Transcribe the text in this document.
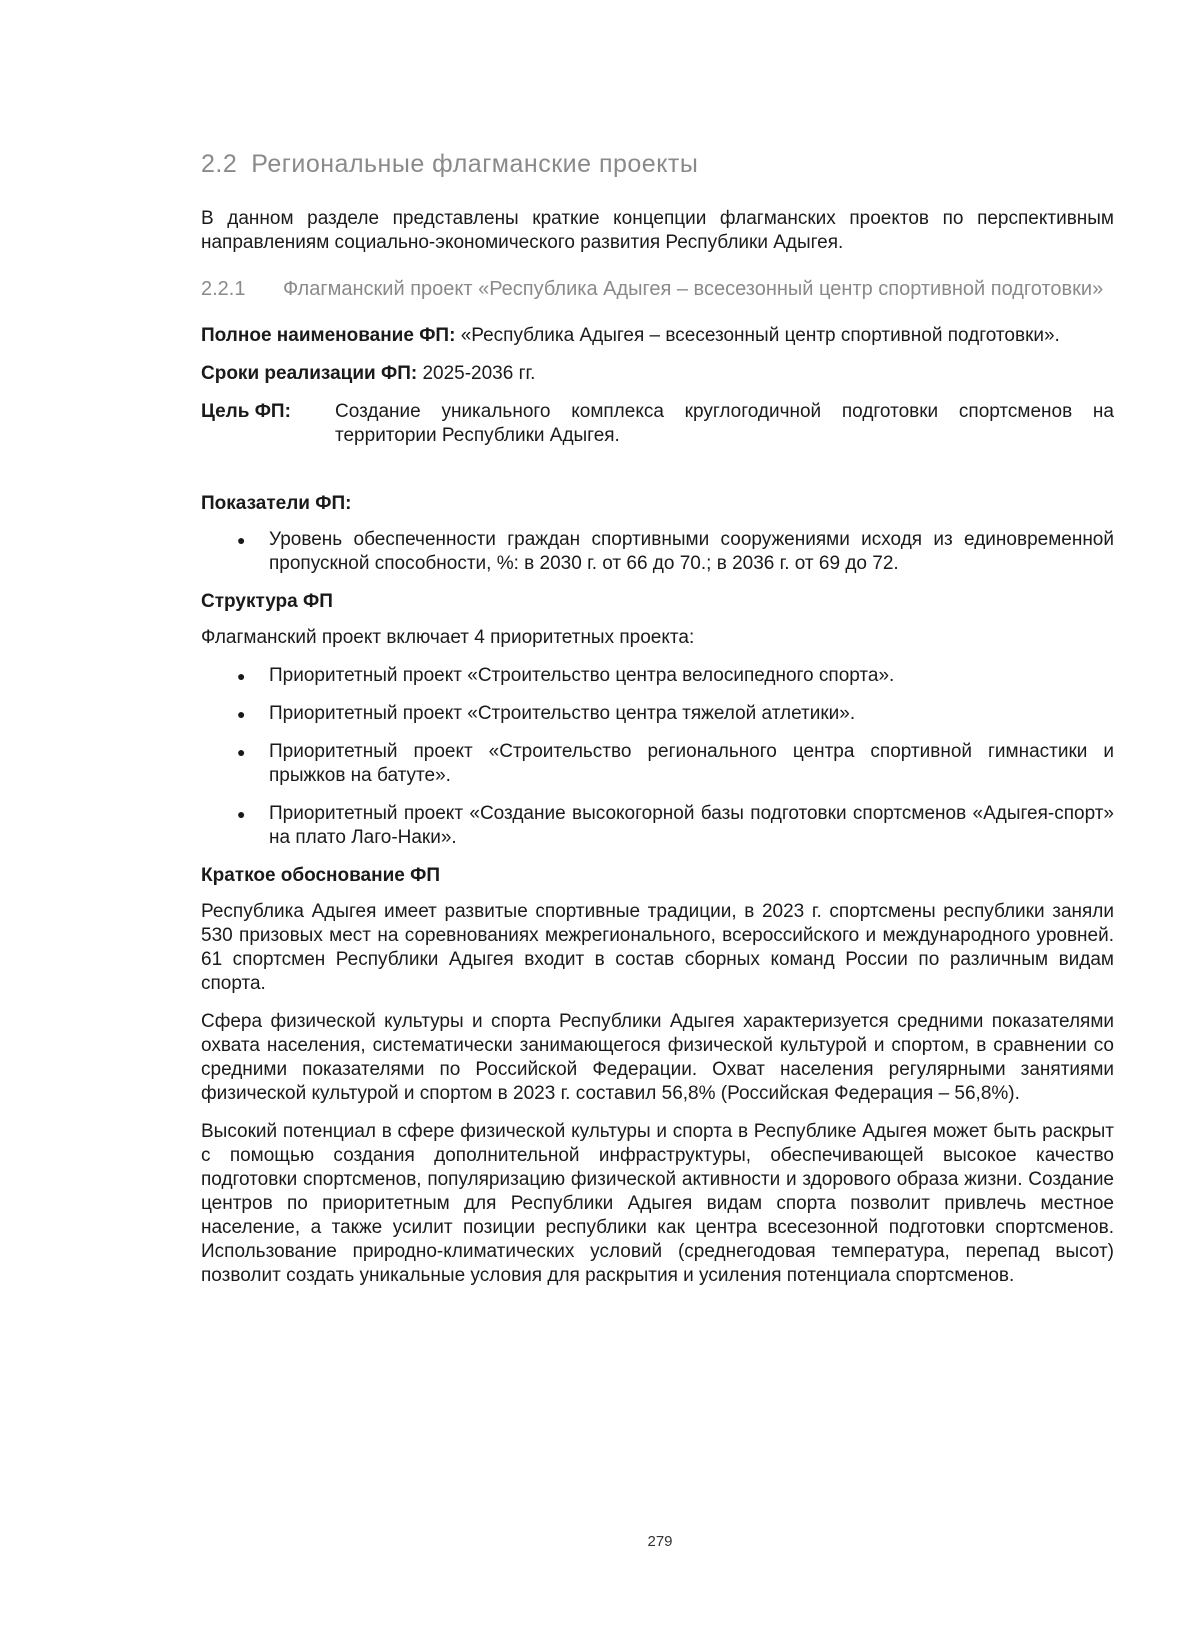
2.2 Региональные флагманские проекты

В данном разделе представлены краткие концепции флагманских проектов по перспективным направлениям социально-экономического развития Республики Адыгея.

2.2.1	Флагманский проект «Республика Адыгея – всесезонный центр спортивной подготовки»

Полное наименование ФП: «Республика Адыгея – всесезонный центр спортивной подготовки».

Сроки реализации ФП: 2025-2036 гг.

Цель ФП:	Создание уникального комплекса круглогодичной подготовки спортсменов на территории Республики Адыгея.
Показатели ФП:
● Уровень обеспеченности граждан спортивными сооружениями исходя из единовременной пропускной способности, %: в 2030 г. от 66 до 70.; в 2036 г. от 69 до 72.
Структура ФП

Флагманский проект включает 4 приоритетных проекта:

● Приоритетный проект «Строительство центра велосипедного спорта».
● Приоритетный проект «Строительство центра тяжелой атлетики».
● Приоритетный проект «Строительство регионального центра спортивной гимнастики и прыжков на батуте».
● Приоритетный проект «Создание высокогорной базы подготовки спортсменов «Адыгея-спорт» на плато Лаго-Наки».
Краткое обоснование ФП

Республика Адыгея имеет развитые спортивные традиции, в 2023 г. спортсмены республики заняли 530 призовых мест на соревнованиях межрегионального, всероссийского и международного уровней. 61 спортсмен Республики Адыгея входит в состав сборных команд России по различным видам спорта.

Сфера физической культуры и спорта Республики Адыгея характеризуется средними показателями охвата населения, систематически занимающегося физической культурой и спортом, в сравнении со средними показателями по Российской Федерации. Охват населения регулярными занятиями физической культурой и спортом в 2023 г. составил 56,8% (Российская Федерация – 56,8%).

Высокий потенциал в сфере физической культуры и спорта в Республике Адыгея может быть раскрыт с помощью создания дополнительной инфраструктуры, обеспечивающей высокое качество подготовки спортсменов, популяризацию физической активности и здорового образа жизни. Создание центров по приоритетным для Республики Адыгея видам спорта позволит привлечь местное население, а также усилит позиции республики как центра всесезонной подготовки спортсменов. Использование природно-климатических условий (среднегодовая температура, перепад высот) позволит создать уникальные условия для раскрытия и усиления потенциала спортсменов.

279
